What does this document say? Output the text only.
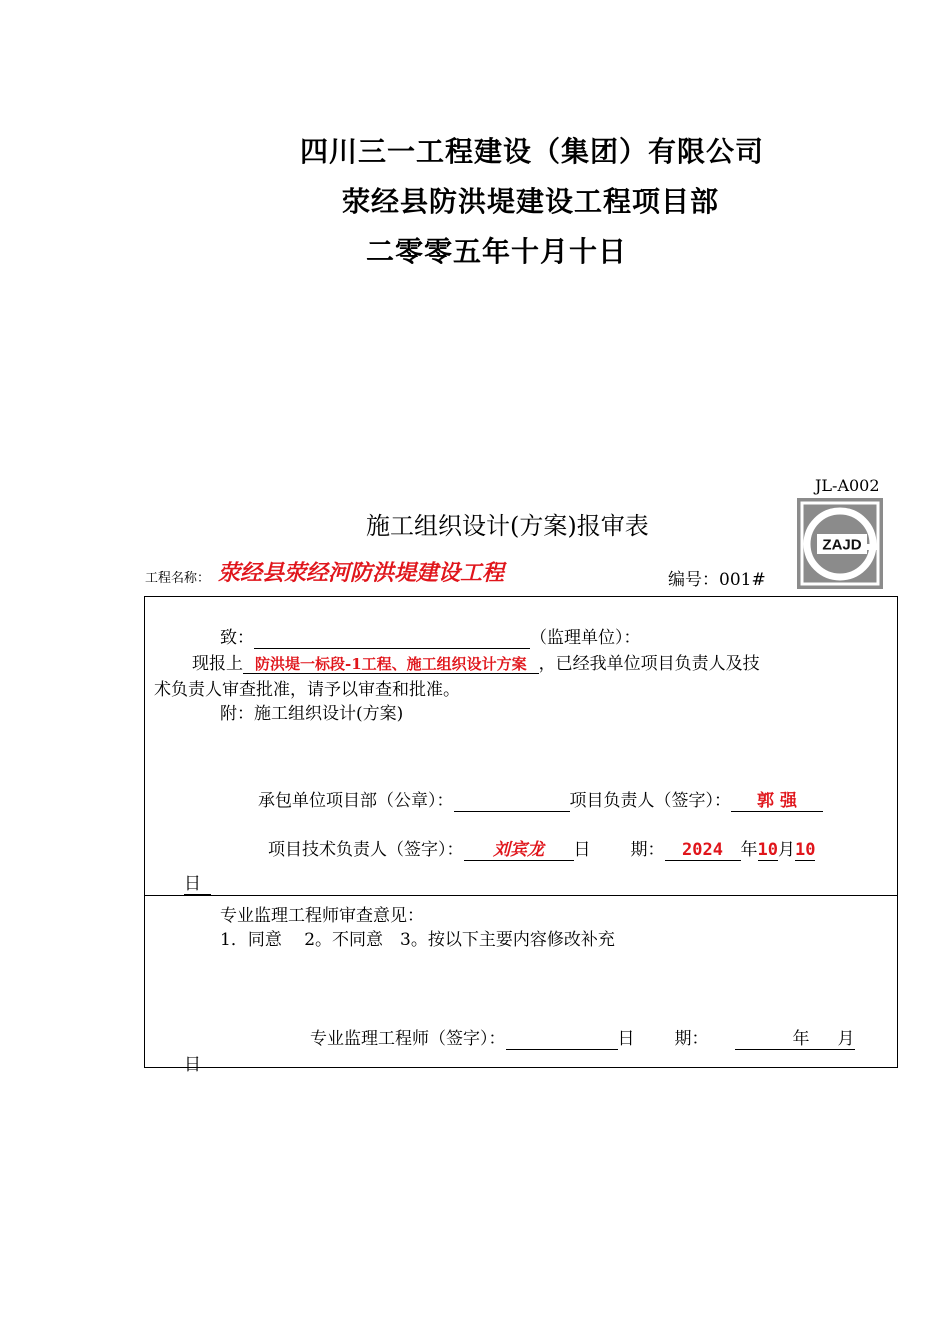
四川三一工程建设（集团）有限公司
荥经县防洪堤建设工程项目部
二零零五年十月十日
JL-A002
施工组织设计(方案)报审表
ZAJD
工程名称： 荥经县荥经河防洪堤建设工程	编号：001#
致：	（监理单位）：
现报上 防洪堤一标段-1工程、施工组织设计方案 ，已经我单位项目负责人及技
术负责人审查批准，请予以审查和批准。
附：施工组织设计(方案)
承包单位项目部（公章）：	项目负责人（签字）： 郭 强
项目技术负责人（签字）： 刘宾龙 日 期： 2024 年10月10
日
专业监理工程师审查意见：
1．同意　 2。不同意　3。按以下主要内容修改补充
专业监理工程师（签字）：	日 期：	年 月
日
